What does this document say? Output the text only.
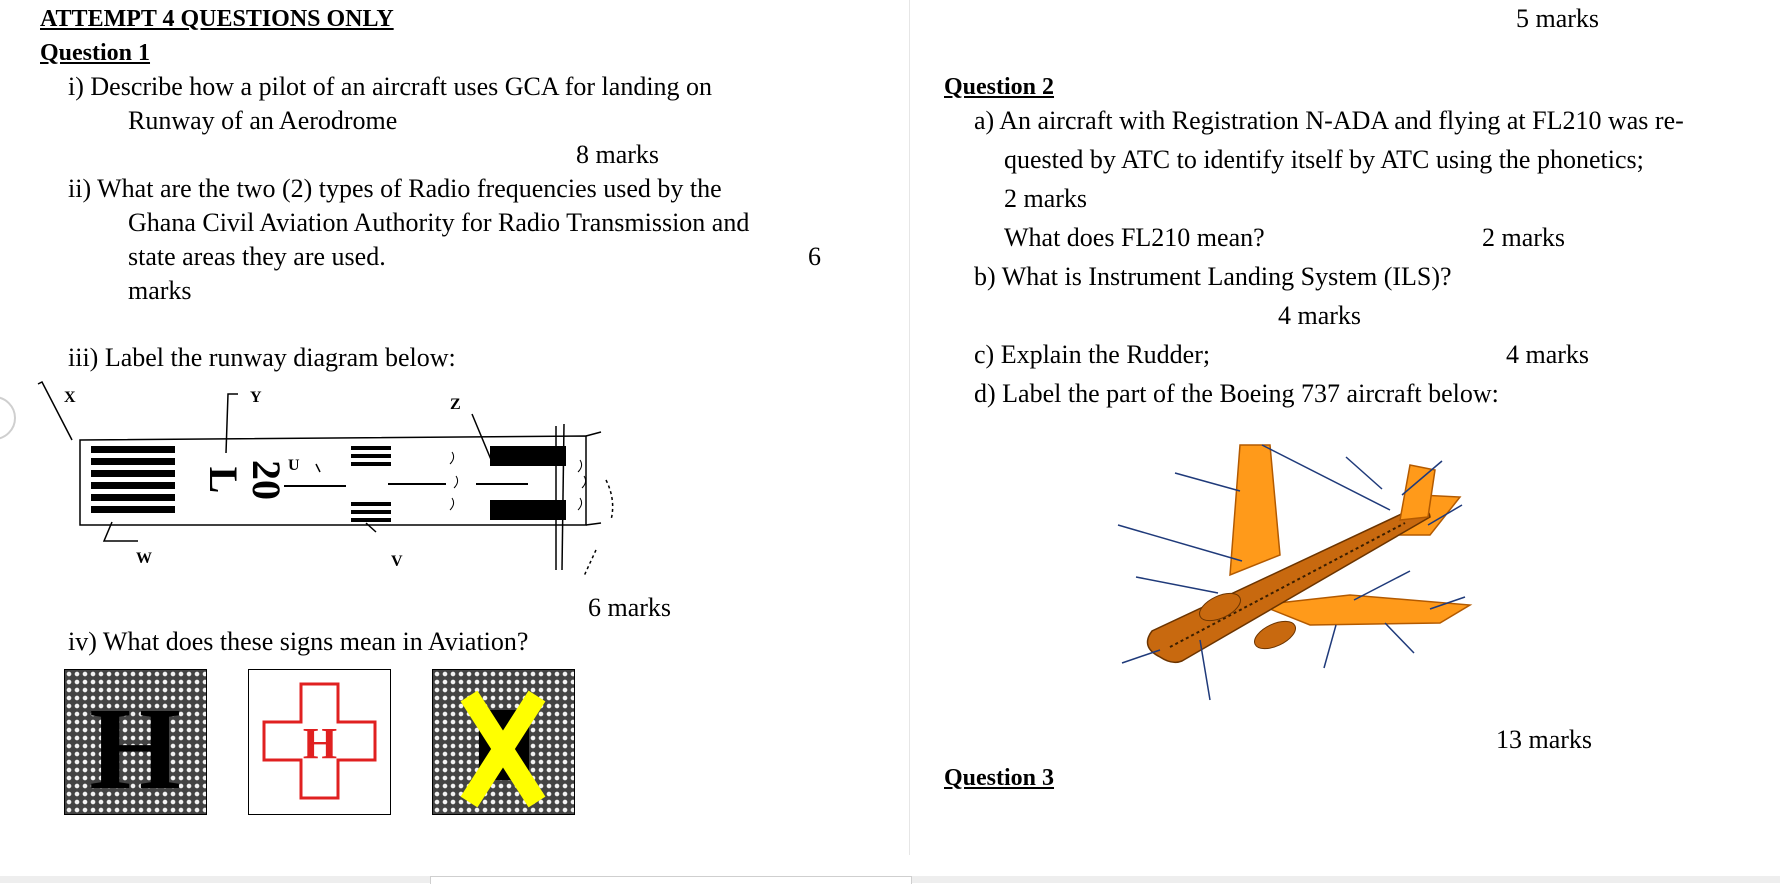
ATTEMPT 4 QUESTIONS ONLY
Question 1
i) Describe how a pilot of an aircraft uses GCA for landing on
Runway of an Aerodrome
8 marks
ii) What are the two (2) types of Radio frequencies used by the
Ghana Civil Aviation Authority for Radio Transmission and
state areas they are used.	6
marks
iii) Label the runway diagram below:
20
L
X	Y	Z
U
V
W
6 marks
iv) What does these signs mean in Aviation?
H	H
5 marks
Question 2
a) An aircraft with Registration N-ADA and flying at FL210 was re-
quested by ATC to identify itself by ATC using the phonetics;
2 marks
What does FL210 mean?	2 marks
b) What is Instrument Landing System (ILS)?
4 marks
c) Explain the Rudder;	4 marks
d) Label the part of the Boeing 737 aircraft below:
13 marks
Question 3
